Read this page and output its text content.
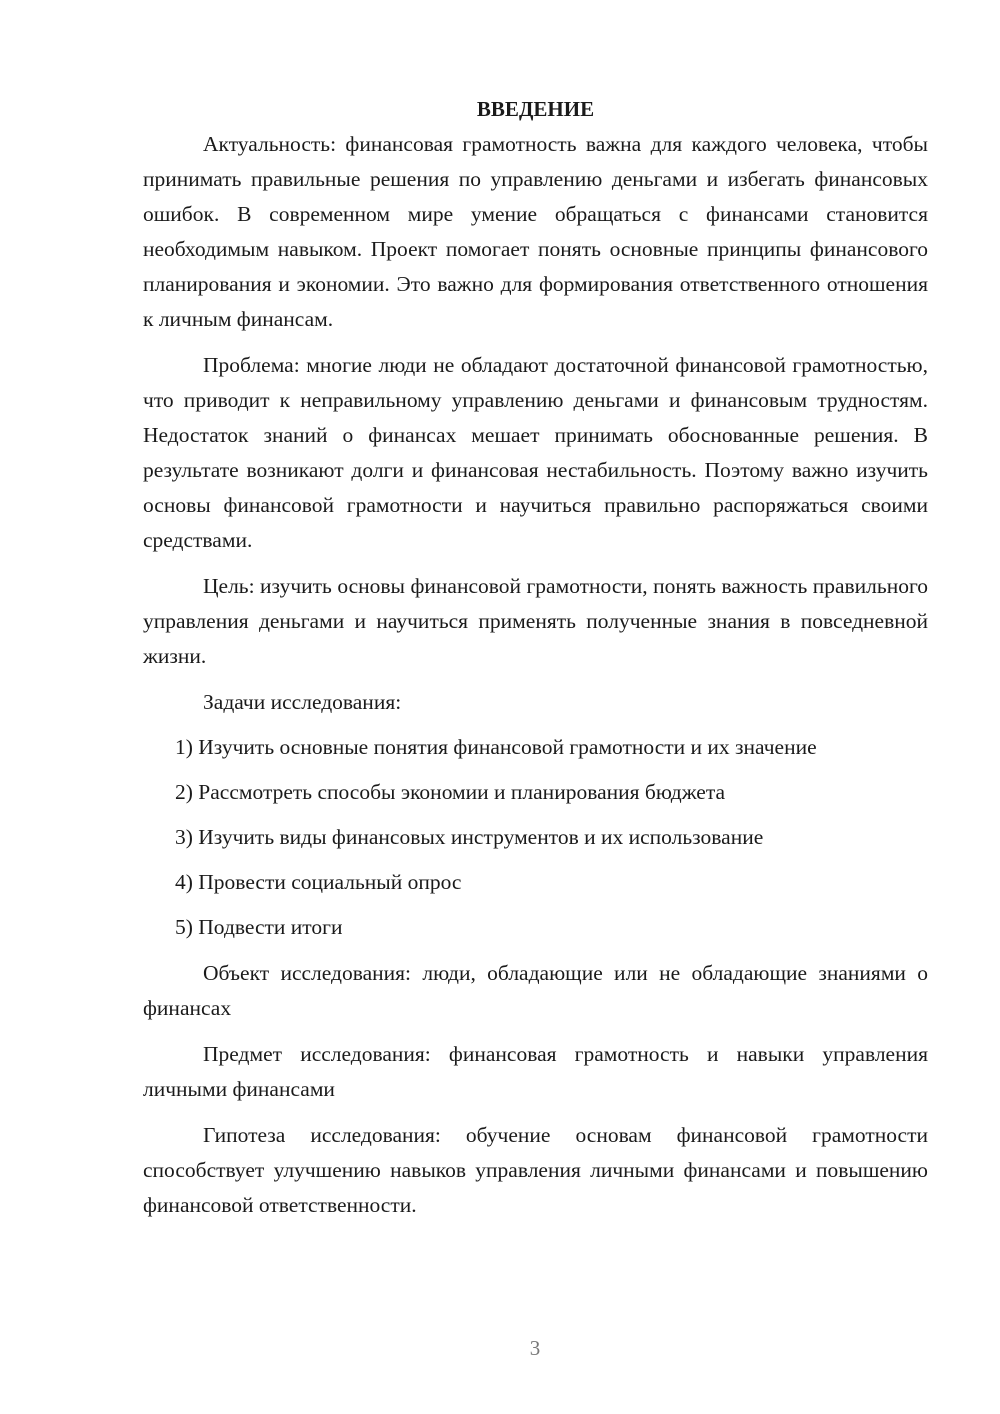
ВВЕДЕНИЕ

Актуальность: финансовая грамотность важна для каждого человека, чтобы принимать правильные решения по управлению деньгами и избегать финансовых ошибок. В современном мире умение обращаться с финансами становится необходимым навыком. Проект помогает понять основные принципы финансового планирования и экономии. Это важно для формирования ответственного отношения к личным финансам.

Проблема: многие люди не обладают достаточной финансовой грамотностью, что приводит к неправильному управлению деньгами и финансовым трудностям. Недостаток знаний о финансах мешает принимать обоснованные решения. В результате возникают долги и финансовая нестабильность. Поэтому важно изучить основы финансовой грамотности и научиться правильно распоряжаться своими средствами.

Цель: изучить основы финансовой грамотности, понять важность правильного управления деньгами и научиться применять полученные знания в повседневной жизни.

Задачи исследования:

1) Изучить основные понятия финансовой грамотности и их значение
2) Рассмотреть способы экономии и планирования бюджета
3) Изучить виды финансовых инструментов и их использование
4) Провести социальный опрос
5) Подвести итоги

Объект исследования: люди, обладающие или не обладающие знаниями о финансах

Предмет исследования: финансовая грамотность и навыки управления личными финансами

Гипотеза исследования: обучение основам финансовой грамотности способствует улучшению навыков управления личными финансами и повышению финансовой ответственности.

3
